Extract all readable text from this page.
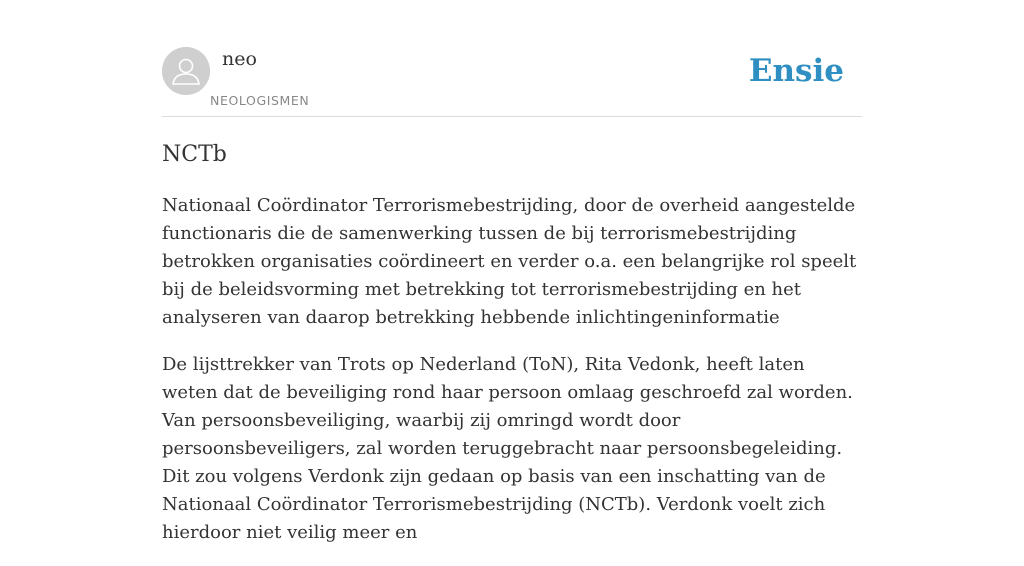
neo
NEOLOGISMEN
Ensie
NCTb

Nationaal Coördinator Terrorismebestrijding, door de overheid aangestelde functionaris die de samenwerking tussen de bij terrorismebestrijding betrokken organisaties coördineert en verder o.a. een belangrijke rol speelt bij de beleidsvorming met betrekking tot terrorismebestrijding en het analyseren van daarop betrekking hebbende inlichtingeninformatie

De lijsttrekker van Trots op Nederland (ToN), Rita Vedonk, heeft laten weten dat de beveiliging rond haar persoon omlaag geschroefd zal worden. Van persoonsbeveiliging, waarbij zij omringd wordt door persoonsbeveiligers, zal worden teruggebracht naar persoonsbegeleiding. Dit zou volgens Verdonk zijn gedaan op basis van een inschatting van de Nationaal Coördinator Terrorismebestrijding (NCTb). Verdonk voelt zich hierdoor niet veilig meer en
